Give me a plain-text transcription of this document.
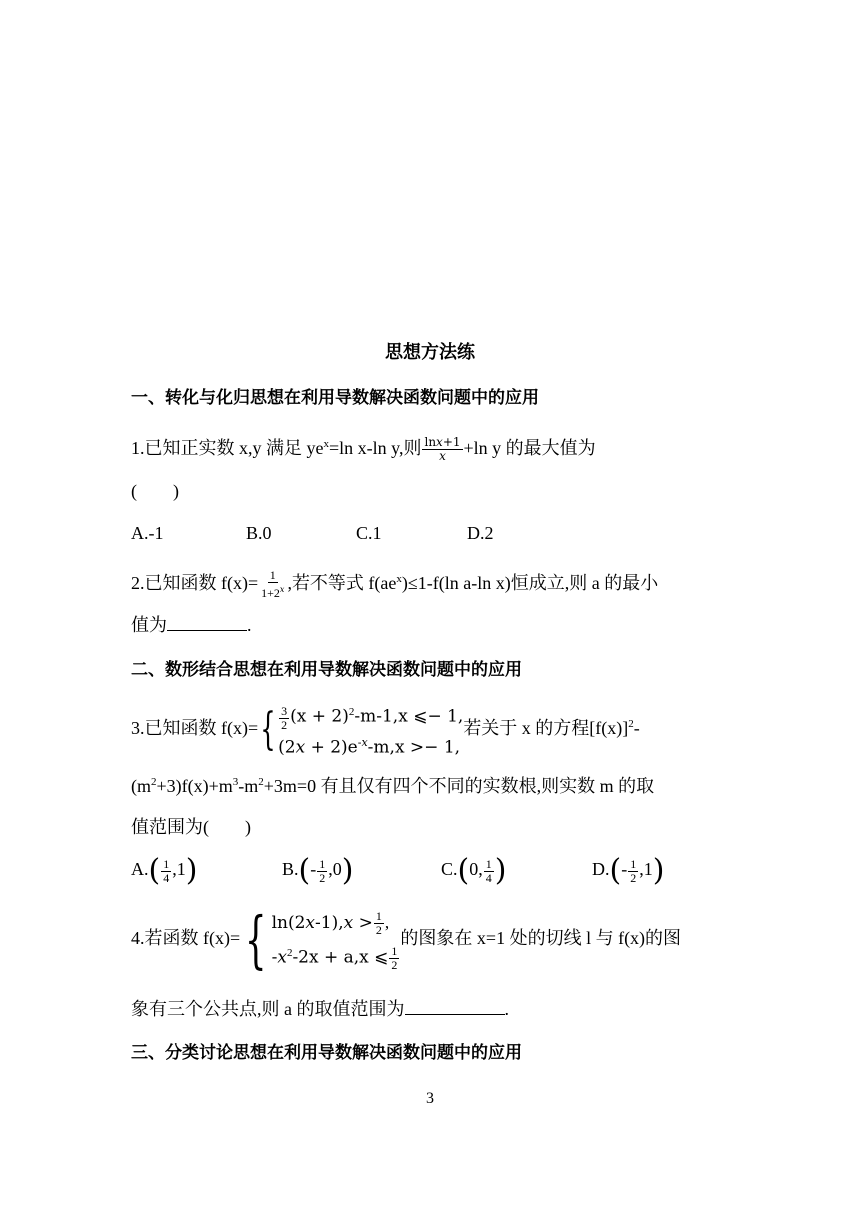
思想方法练
一、转化与化归思想在利用导数解决函数问题中的应用
1.已知正实数 x,y 满足 $ye^x=\ln$ x-ln y,则 $\frac{\text{ln𝑥+1}}{\text{𝑥}} +\ln$ y 的最大值为
(　　)
A.-1	B.0	C.1	D.2
2.已知函数 $f(x)= \frac{1}{1+2^𝑥}$ ,若不等式 $f(ae^x)\le 1-f(\ln$ a-ln x)恒成立,则 a 的最小
值为	.
二、数形结合思想在利用导数解决函数问题中的应用
3.已知函数 f(x)= { $\frac{3}{2} (x + 2)^2-m-1,x$ ⩽− 1,
(2𝑥 + $2)e^{-𝑥}-m,x >- 1$,
若关于 x 的方程$[f(x)]^2-$
$(m^2+3)f(x)+m^3-m^2+3m=0$ 有且仅有四个不同的实数根,则实数 m 的取
值范围为(　　)
$A.( \frac{1}{4} ,1)$	$B.(- \frac{1}{2} ,0)$	C.(0, $\frac{1}{4}$ )	$D.(- \frac{1}{2} ,1)$
4.若函数 f(x)= { ln(2𝑥-1),𝑥 > $\frac{1}{2}$ ,
-𝑥$^2$-2x + a,x ⩽ $\frac{1}{2}$
的图象在 x=1 处的切线 l 与 f(x)的图
象有三个公共点,则 a 的取值范围为	.
三、分类讨论思想在利用导数解决函数问题中的应用
3
